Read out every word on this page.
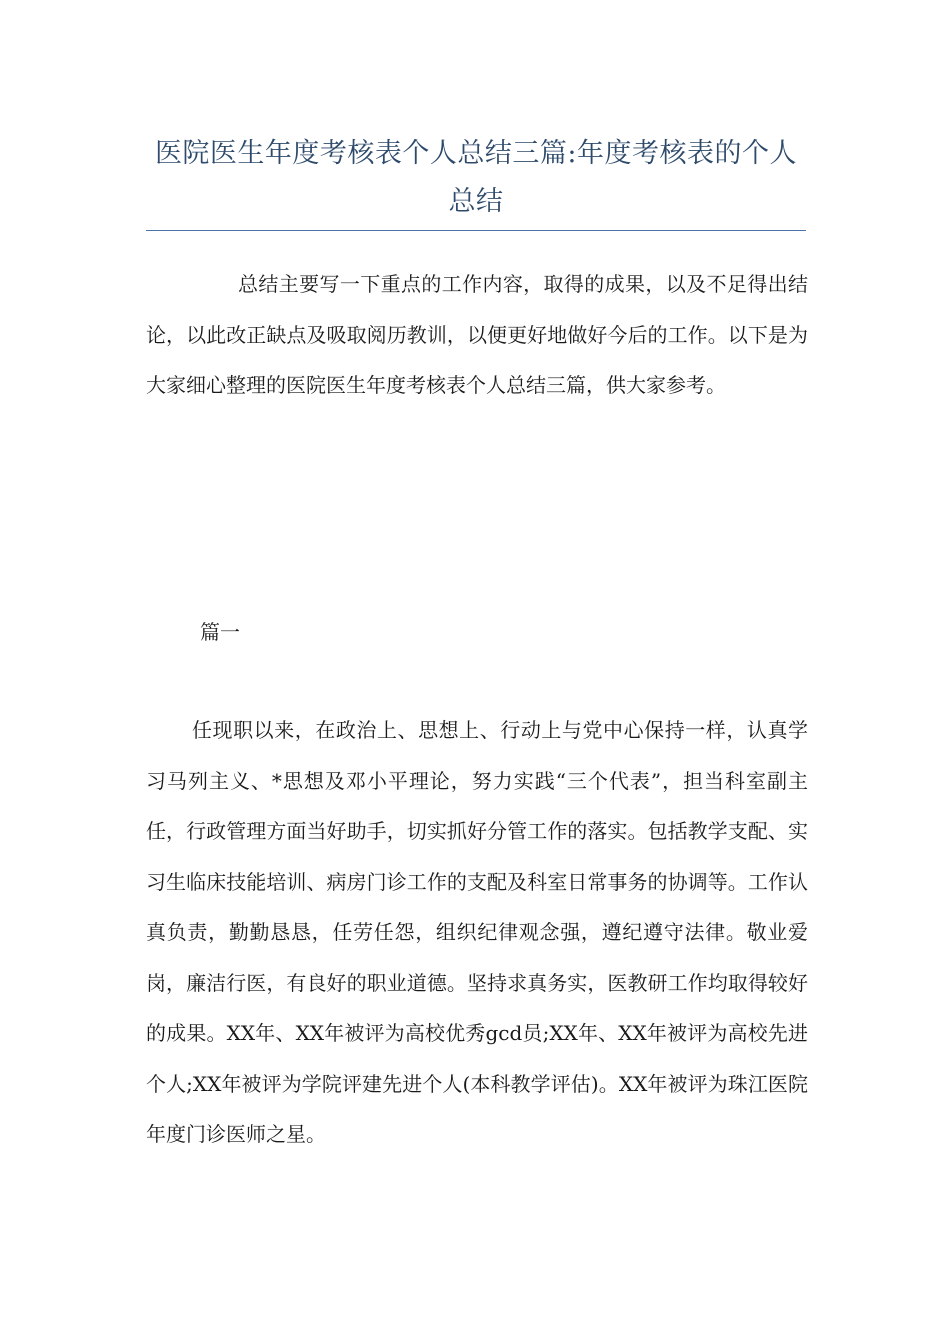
医院医生年度考核表个人总结三篇:年度考核表的个人总结

总结主要写一下重点的工作内容，取得的成果，以及不足得出结论，以此改正缺点及吸取阅历教训，以便更好地做好今后的工作。以下是为大家细心整理的医院医生年度考核表个人总结三篇，供大家参考。

篇一

任现职以来，在政治上、思想上、行动上与党中心保持一样，认真学习马列主义、*思想及邓小平理论，努力实践“三个代表”，担当科室副主任，行政管理方面当好助手，切实抓好分管工作的落实。包括教学支配、实习生临床技能培训、病房门诊工作的支配及科室日常事务的协调等。工作认真负责，勤勤恳恳，任劳任怨，组织纪律观念强，遵纪遵守法律。敬业爱岗，廉洁行医，有良好的职业道德。坚持求真务实，医教研工作均取得较好的成果。XX年、XX年被评为高校优秀gcd员;XX年、XX年被评为高校先进个人;XX年被评为学院评建先进个人(本科教学评估)。XX年被评为珠江医院年度门诊医师之星。
